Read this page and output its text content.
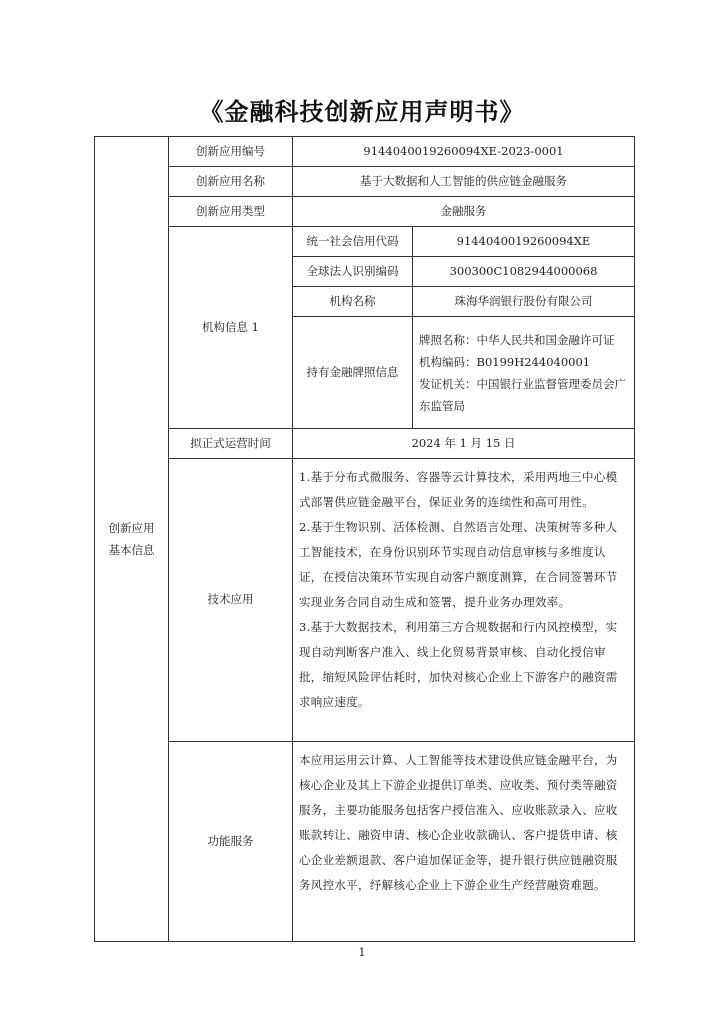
《金融科技创新应用声明书》
创新应用
基本信息	创新应用编号	9144040019260094XE-2023-0001	
	创新应用名称	基于大数据和人工智能的供应链金融服务	
	创新应用类型	金融服务	
	机构信息 1	统一社会信用代码	9144040019260094XE
		全球法人识别编码	300300C1082944000068
		机构名称	珠海华润银行股份有限公司
		持有金融牌照信息	牌照名称：中华人民共和国金融许可证

机构编码：B0199H244040001

发证机关：中国银行业监督管理委员会广东监管局

	拟正式运营时间	2024 年 1 月 15 日	
	技术应用	1.基于分布式微服务、容器等云计算技术，采用两地三中心模式部署供应链金融平台，保证业务的连续性和高可用性。

2.基于生物识别、活体检测、自然语言处理、决策树等多种人工智能技术，在身份识别环节实现自动信息审核与多维度认证，在授信决策环节实现自动客户额度测算，在合同签署环节实现业务合同自动生成和签署，提升业务办理效率。

3.基于大数据技术，利用第三方合规数据和行内风控模型，实现自动判断客户准入、线上化贸易背景审核、自动化授信审批，缩短风险评估耗时，加快对核心企业上下游客户的融资需求响应速度。	

	功能服务	本应用运用云计算、人工智能等技术建设供应链金融平台，为核心企业及其上下游企业提供订单类、应收类、预付类等融资服务，主要功能服务包括客户授信准入、应收账款录入、应收账款转让、融资申请、核心企业收款确认、客户提货申请、核心企业差额退款、客户追加保证金等，提升银行供应链融资服务风控水平，纾解核心企业上下游企业生产经营融资难题。	
1
